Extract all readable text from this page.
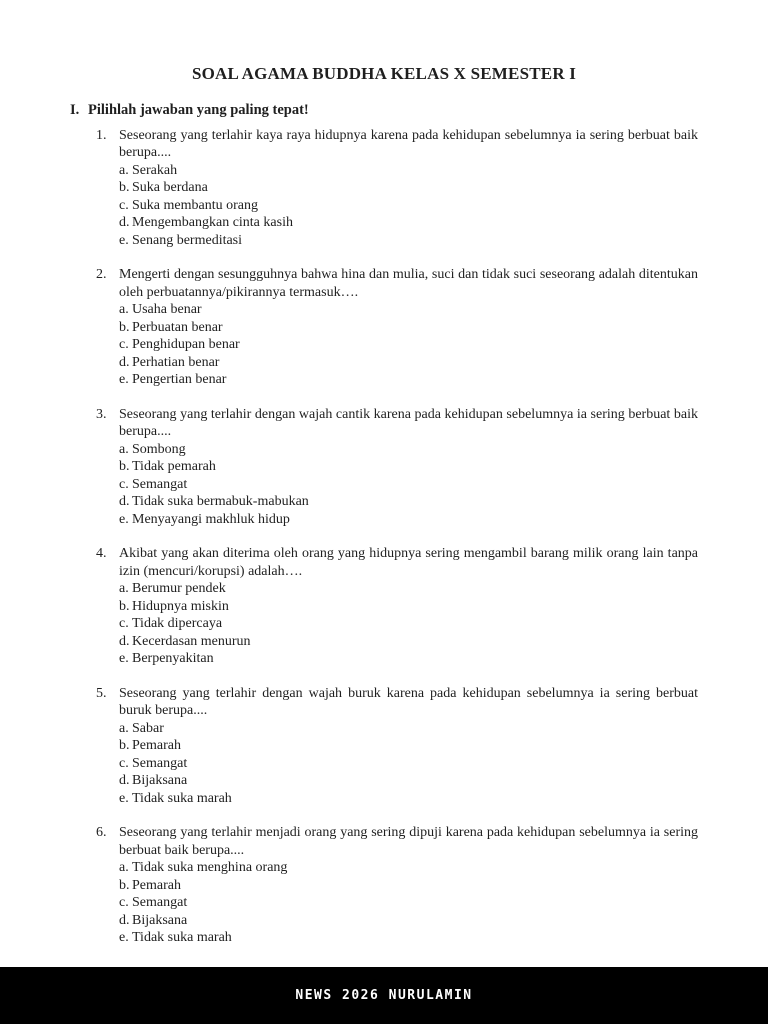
SOAL AGAMA BUDDHA KELAS X SEMESTER I
I. Pilihlah jawaban yang paling tepat!
1. Seseorang yang terlahir kaya raya hidupnya karena pada kehidupan sebelumnya ia sering berbuat baik berupa....
a. Serakah
b. Suka berdana
c. Suka membantu orang
d. Mengembangkan cinta kasih
e. Senang bermeditasi
2. Mengerti dengan sesungguhnya bahwa hina dan mulia, suci dan tidak suci seseorang adalah ditentukan oleh perbuatannya/pikirannya termasuk….
a. Usaha benar
b. Perbuatan benar
c. Penghidupan benar
d. Perhatian benar
e. Pengertian benar
3. Seseorang yang terlahir dengan wajah cantik karena pada kehidupan sebelumnya ia sering berbuat baik berupa....
a. Sombong
b. Tidak pemarah
c. Semangat
d. Tidak suka bermabuk-mabukan
e. Menyayangi makhluk hidup
4. Akibat yang akan diterima oleh orang yang hidupnya sering mengambil barang milik orang lain tanpa izin (mencuri/korupsi) adalah….
a. Berumur pendek
b. Hidupnya miskin
c. Tidak dipercaya
d. Kecerdasan menurun
e. Berpenyakitan
5. Seseorang yang terlahir dengan wajah buruk karena pada kehidupan sebelumnya ia sering berbuat buruk berupa....
a. Sabar
b. Pemarah
c. Semangat
d. Bijaksana
e. Tidak suka marah
6. Seseorang yang terlahir menjadi orang yang sering dipuji karena pada kehidupan sebelumnya ia sering berbuat baik berupa....
a. Tidak suka menghina orang
b. Pemarah
c. Semangat
d. Bijaksana
e. Tidak suka marah
NEWS 2026 NURULAMIN
